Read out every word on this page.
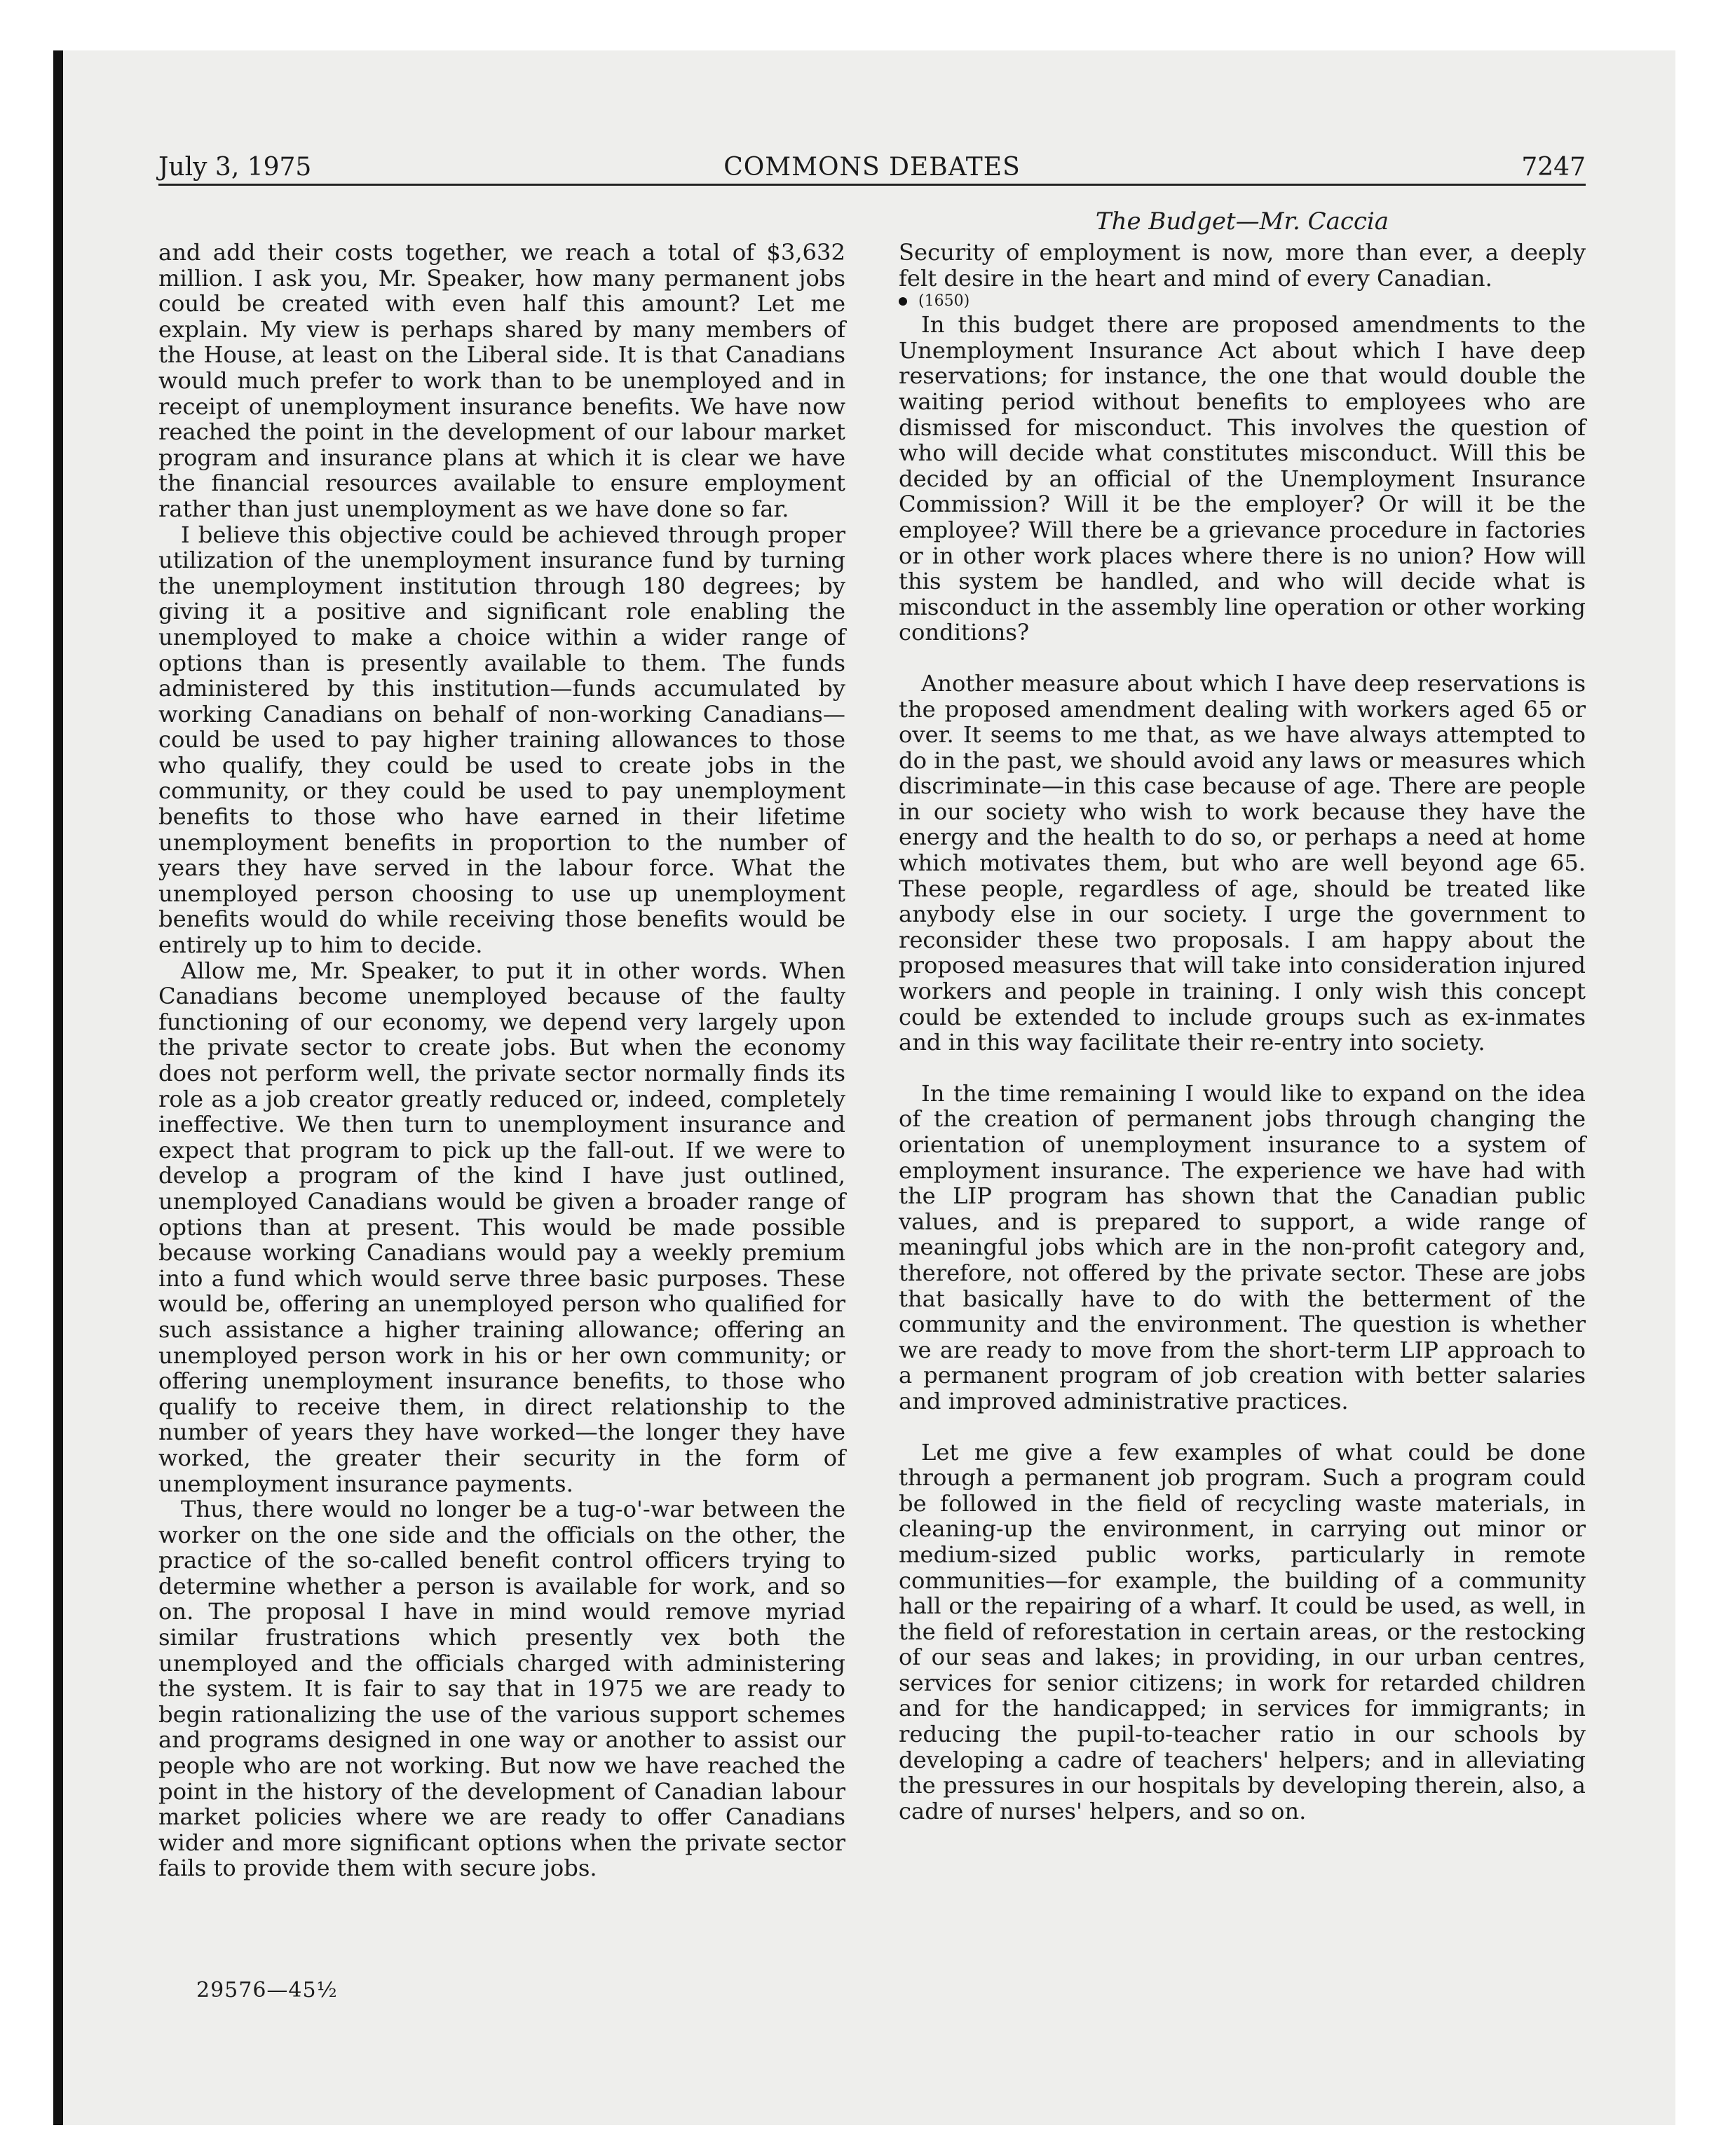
July 3, 1975	COMMONS DEBATES	7247
The Budget—Mr. Caccia

and add their costs together, we reach a total of $3,632 million. I ask you, Mr. Speaker, how many permanent jobs could be created with even half this amount? Let me explain. My view is perhaps shared by many members of the House, at least on the Liberal side. It is that Canadians would much prefer to work than to be unemployed and in receipt of unemployment insurance benefits. We have now reached the point in the development of our labour market program and insurance plans at which it is clear we have the financial resources available to ensure employment rather than just unemployment as we have done so far.

I believe this objective could be achieved through proper utilization of the unemployment insurance fund by turning the unemployment institution through 180 degrees; by giving it a positive and significant role enabling the unemployed to make a choice within a wider range of options than is presently available to them. The funds administered by this institution—funds accumulated by working Canadians on behalf of non-working Canadians—could be used to pay higher training allowances to those who qualify, they could be used to create jobs in the community, or they could be used to pay unemployment benefits to those who have earned in their lifetime unemployment benefits in proportion to the number of years they have served in the labour force. What the unemployed person choosing to use up unemployment benefits would do while receiving those benefits would be entirely up to him to decide.

Allow me, Mr. Speaker, to put it in other words. When Canadians become unemployed because of the faulty functioning of our economy, we depend very largely upon the private sector to create jobs. But when the economy does not perform well, the private sector normally finds its role as a job creator greatly reduced or, indeed, completely ineffective. We then turn to unemployment insurance and expect that program to pick up the fall-out. If we were to develop a program of the kind I have just outlined, unemployed Canadians would be given a broader range of options than at present. This would be made possible because working Canadians would pay a weekly premium into a fund which would serve three basic purposes. These would be, offering an unemployed person who qualified for such assistance a higher training allowance; offering an unemployed person work in his or her own community; or offering unemployment insurance benefits, to those who qualify to receive them, in direct relationship to the number of years they have worked—the longer they have worked, the greater their security in the form of unemployment insurance payments.

Thus, there would no longer be a tug-o'-war between the worker on the one side and the officials on the other, the practice of the so-called benefit control officers trying to determine whether a person is available for work, and so on. The proposal I have in mind would remove myriad similar frustrations which presently vex both the unemployed and the officials charged with administering the system. It is fair to say that in 1975 we are ready to begin rationalizing the use of the various support schemes and programs designed in one way or another to assist our people who are not working. But now we have reached the point in the history of the development of Canadian labour market policies where we are ready to offer Canadians wider and more significant options when the private sector fails to provide them with secure jobs.

Security of employment is now, more than ever, a deeply felt desire in the heart and mind of every Canadian.

(1650)

In this budget there are proposed amendments to the Unemployment Insurance Act about which I have deep reservations; for instance, the one that would double the waiting period without benefits to employees who are dismissed for misconduct. This involves the question of who will decide what constitutes misconduct. Will this be decided by an official of the Unemployment Insurance Commission? Will it be the employer? Or will it be the employee? Will there be a grievance procedure in factories or in other work places where there is no union? How will this system be handled, and who will decide what is misconduct in the assembly line operation or other working conditions?

Another measure about which I have deep reservations is the proposed amendment dealing with workers aged 65 or over. It seems to me that, as we have always attempted to do in the past, we should avoid any laws or measures which discriminate—in this case because of age. There are people in our society who wish to work because they have the energy and the health to do so, or perhaps a need at home which motivates them, but who are well beyond age 65. These people, regardless of age, should be treated like anybody else in our society. I urge the government to reconsider these two proposals. I am happy about the proposed measures that will take into consideration injured workers and people in training. I only wish this concept could be extended to include groups such as ex-inmates and in this way facilitate their re-entry into society.

In the time remaining I would like to expand on the idea of the creation of permanent jobs through changing the orientation of unemployment insurance to a system of employment insurance. The experience we have had with the LIP program has shown that the Canadian public values, and is prepared to support, a wide range of meaningful jobs which are in the non-profit category and, therefore, not offered by the private sector. These are jobs that basically have to do with the betterment of the community and the environment. The question is whether we are ready to move from the short-term LIP approach to a permanent program of job creation with better salaries and improved administrative practices.

Let me give a few examples of what could be done through a permanent job program. Such a program could be followed in the field of recycling waste materials, in cleaning-up the environment, in carrying out minor or medium-sized public works, particularly in remote communities—for example, the building of a community hall or the repairing of a wharf. It could be used, as well, in the field of reforestation in certain areas, or the restocking of our seas and lakes; in providing, in our urban centres, services for senior citizens; in work for retarded children and for the handicapped; in services for immigrants; in reducing the pupil-to-teacher ratio in our schools by developing a cadre of teachers' helpers; and in alleviating the pressures in our hospitals by developing therein, also, a cadre of nurses' helpers, and so on.

29576—45½
